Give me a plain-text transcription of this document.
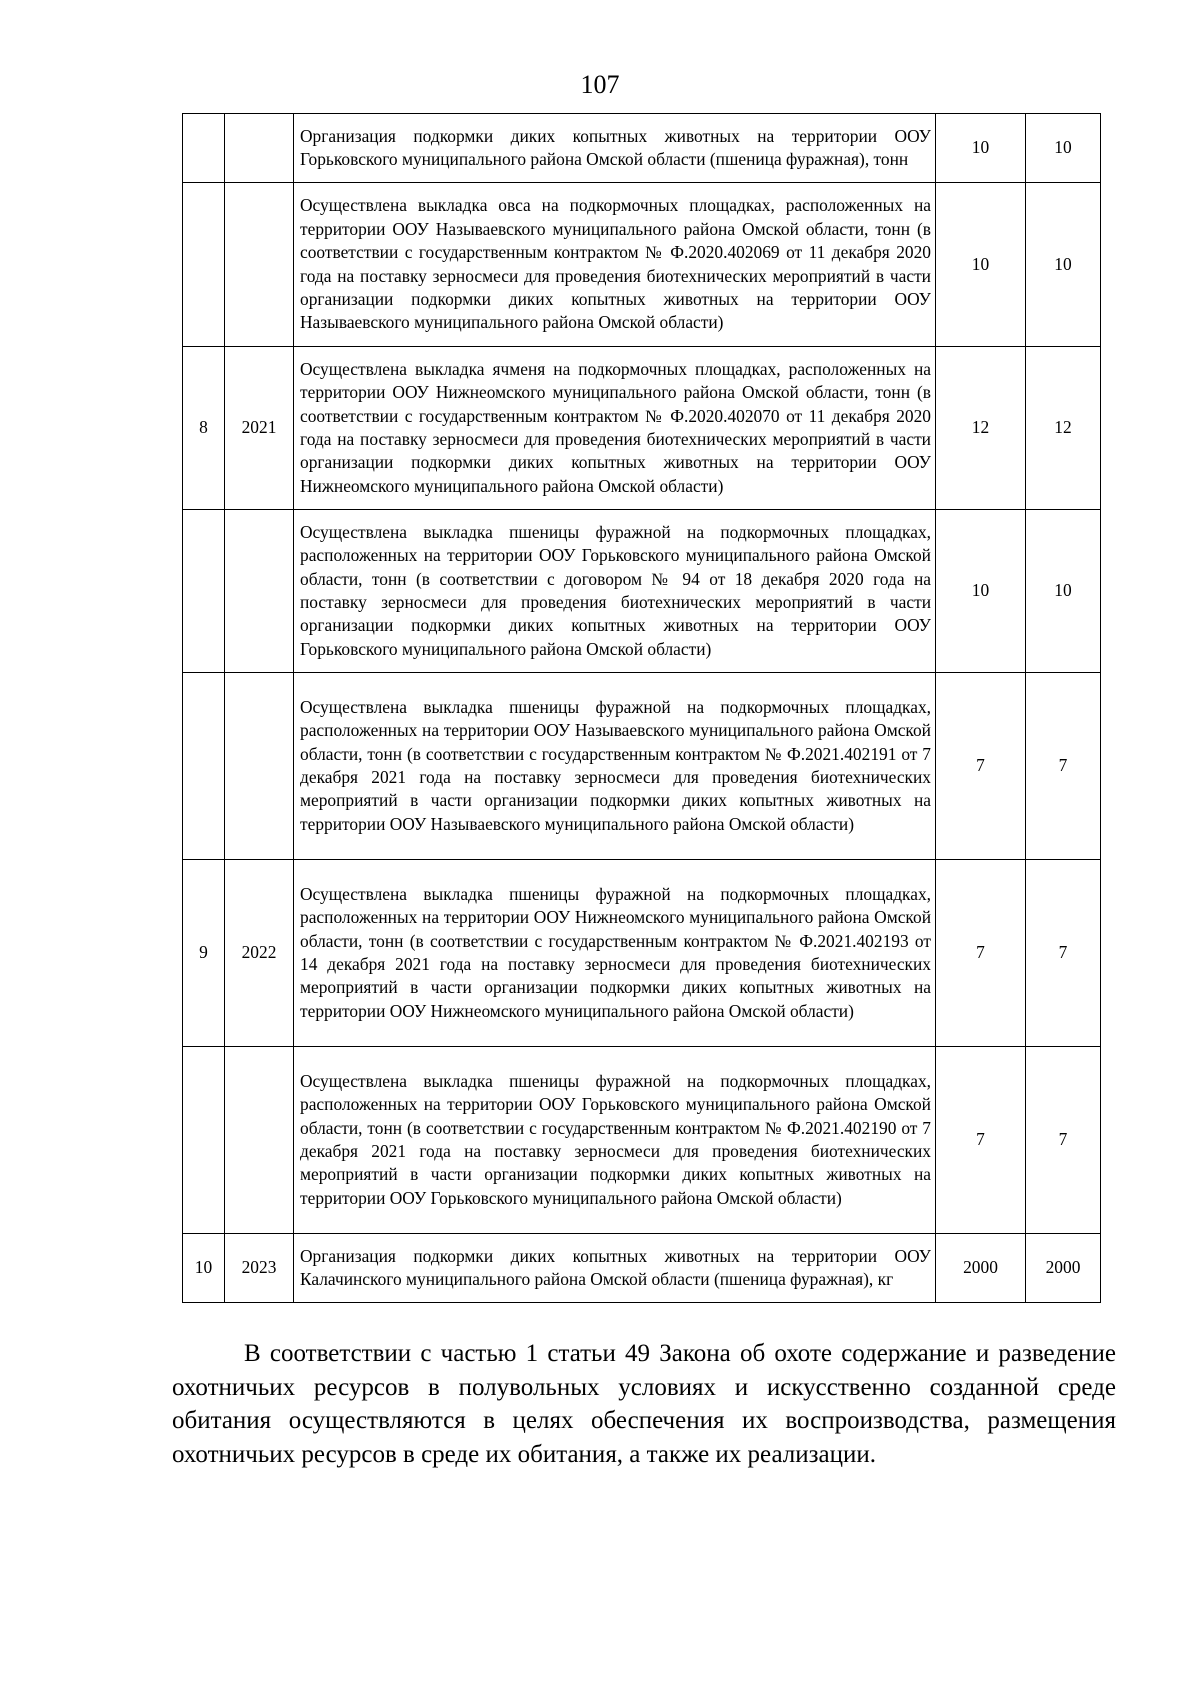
107
		Организация подкормки диких копытных животных на территории ООУ Горьковского муниципального района Омской области (пшеница фуражная), тонн	10	10
		Осуществлена выкладка овса на подкормочных площадках, расположенных на территории ООУ Называевского муниципального района Омской области, тонн (в соответствии с государственным контрактом № Ф.2020.402069 от 11 декабря 2020 года на поставку зерносмеси для проведения биотехнических мероприятий в части организации подкормки диких копытных животных на территории ООУ Называевского муниципального района Омской области)	10	10
8	2021	Осуществлена выкладка ячменя на подкормочных площадках, расположенных на территории ООУ Нижнеомского муниципального района Омской области, тонн (в соответствии с государственным контрактом № Ф.2020.402070 от 11 декабря 2020 года на поставку зерносмеси для проведения биотехнических мероприятий в части организации подкормки диких копытных животных на территории ООУ Нижнеомского муниципального района Омской области)	12	12
		Осуществлена выкладка пшеницы фуражной на подкормочных площадках, расположенных на территории ООУ Горьковского муниципального района Омской области, тонн (в соответствии с договором № 94 от 18 декабря 2020 года на поставку зерносмеси для проведения биотехнических мероприятий в части организации подкормки диких копытных животных на территории ООУ Горьковского муниципального района Омской области)	10	10
		Осуществлена выкладка пшеницы фуражной на подкормочных площадках, расположенных на территории ООУ Называевского муниципального района Омской области, тонн (в соответствии с государственным контрактом № Ф.2021.402191 от 7 декабря 2021 года на поставку зерносмеси для проведения биотехнических мероприятий в части организации подкормки диких копытных животных на территории ООУ Называевского муниципального района Омской области)	7	7
9	2022	Осуществлена выкладка пшеницы фуражной на подкормочных площадках, расположенных на территории ООУ Нижнеомского муниципального района Омской области, тонн (в соответствии с государственным контрактом № Ф.2021.402193 от 14 декабря 2021 года на поставку зерносмеси для проведения биотехнических мероприятий в части организации подкормки диких копытных животных на территории ООУ Нижнеомского муниципального района Омской области)	7	7
		Осуществлена выкладка пшеницы фуражной на подкормочных площадках, расположенных на территории ООУ Горьковского муниципального района Омской области, тонн (в соответствии с государственным контрактом № Ф.2021.402190 от 7 декабря 2021 года на поставку зерносмеси для проведения биотехнических мероприятий в части организации подкормки диких копытных животных на территории ООУ Горьковского муниципального района Омской области)	7	7
10	2023	Организация подкормки диких копытных животных на территории ООУ Калачинского муниципального района Омской области (пшеница фуражная), кг	2000	2000

В соответствии с частью 1 статьи 49 Закона об охоте содержание и разведение охотничьих ресурсов в полувольных условиях и искусственно созданной среде обитания осуществляются в целях обеспечения их воспроизводства, размещения охотничьих ресурсов в среде их обитания, а также их реализации.
